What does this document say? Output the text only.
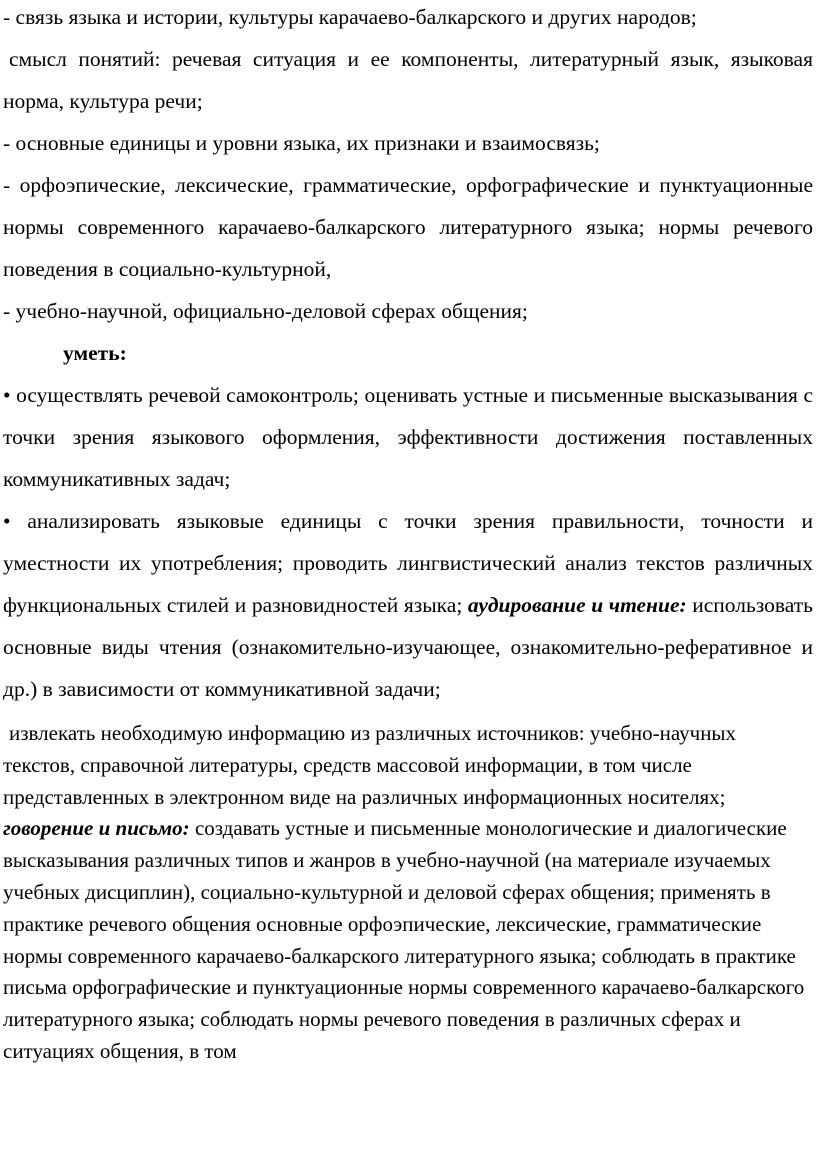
- связь языка и истории, культуры карачаево-балкарского и других народов;

смысл понятий: речевая ситуация и ее компоненты, литературный язык, языковая норма, культура речи;

- основные единицы и уровни языка, их признаки и взаимосвязь;

- орфоэпические, лексические, грамматические, орфографические и пунктуационные нормы современного карачаево-балкарского литературного языка; нормы речевого поведения в социально-культурной,

- учебно-научной, официально-деловой сферах общения;

уметь:

• осуществлять речевой самоконтроль; оценивать устные и письменные высказывания с точки зрения языкового оформления, эффективности достижения поставленных коммуникативных задач;

• анализировать языковые единицы с точки зрения правильности, точности и уместности их употребления; проводить лингвистический анализ текстов различных функциональных стилей и разновидностей языка; аудирование и чтение: использовать основные виды чтения (ознакомительно-изучающее, ознакомительно-реферативное и др.) в зависимости от коммуникативной задачи;

извлекать необходимую информацию из различных источников: учебно-научных текстов, справочной литературы, средств массовой информации, в том числе представленных в электронном виде на различных информационных носителях; говорение и письмо: создавать устные и письменные монологические и диалогические высказывания различных типов и жанров в учебно-научной (на материале изучаемых учебных дисциплин), социально-культурной и деловой сферах общения; применять в практике речевого общения основные орфоэпические, лексические, грамматические нормы современного карачаево-балкарского литературного языка; соблюдать в практике письма орфографические и пунктуационные нормы современного карачаево-балкарского литературного языка; соблюдать нормы речевого поведения в различных сферах и ситуациях общения, в том
